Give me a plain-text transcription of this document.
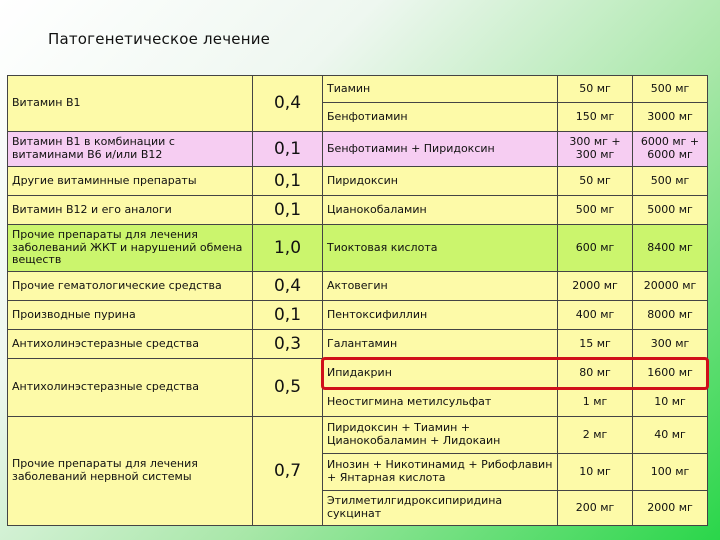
Патогенетическое лечение
Витамин В1	0,4	Тиамин	50 мг	500 мг
		Бенфотиамин	150 мг	3000 мг
Витамин В1 в комбинации с витаминами В6 и/или В12	0,1	Бенфотиамин + Пиридоксин	300 мг + 300 мг	6000 мг + 6000 мг
Другие витаминные препараты	0,1	Пиридоксин	50 мг	500 мг
Витамин В12 и его аналоги	0,1	Цианокобаламин	500 мг	5000 мг
Прочие препараты для лечения заболеваний ЖКТ и нарушений обмена веществ	1,0	Тиоктовая кислота	600 мг	8400 мг
Прочие гематологические средства	0,4	Актовегин	2000 мг	20000 мг
Производные пурина	0,1	Пентоксифиллин	400 мг	8000 мг
Антихолинэстеразные средства	0,3	Галантамин	15 мг	300 мг
Антихолинэстеразные средства	0,5	Ипидакрин	80 мг	1600 мг
		Неостигмина метилсульфат	1 мг	10 мг
Прочие препараты для лечения заболеваний нервной системы	0,7	Пиридоксин + Тиамин + Цианокобаламин + Лидокаин	2 мг	40 мг
		Инозин + Никотинамид + Рибофлавин + Янтарная кислота	10 мг	100 мг
		Этилметилгидроксипиридина сукцинат	200 мг	2000 мг
